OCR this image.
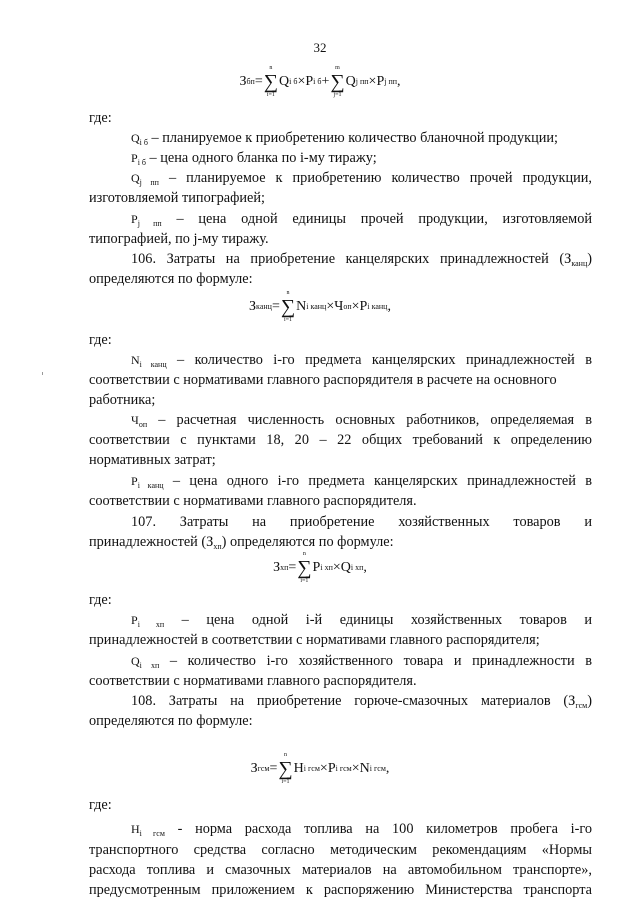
32
З бп =
n
∑
i=1
Q i б × P i б +
m
∑
j=1
Q j пп × P j пп ,
где:
$Q_{i б}$ – планируемое к приобретению количество бланочной продукции;
$P_{i б}$ – цена одного бланка по i-му тиражу;
$Q_{j пп}$ – планируемое к приобретению количество прочей продукции,
изготовляемой типографией;
$P_{j пп}$ – цена одной единицы прочей продукции, изготовляемой
типографией, по j-му тиражу.
106. Затраты на приобретение канцелярских принадлежностей $(З_{канц})$
определяются по формуле:
З канц =
n
∑
i=1
N i канц × Ч оп × P i канц ,
где:
$N_{i канц}$ – количество i-го предмета канцелярских принадлежностей в
соответствии с нормативами главного распорядителя в расчете на основного
работника;
$Ч_{оп}$ – расчетная численность основных работников, определяемая в
соответствии с пунктами 18, 20 – 22 общих требований к определению
нормативных затрат;
$P_{i канц}$ – цена одного i-го предмета канцелярских принадлежностей в
соответствии с нормативами главного распорядителя.
107. Затраты на приобретение хозяйственных товаров и
принадлежностей $(З_{хп})$ определяются по формуле:
З хп =
n
∑
i=1
P i хп × Q i хп ,
где:
$P_{i хп}$ – цена одной i-й единицы хозяйственных товаров и
принадлежностей в соответствии с нормативами главного распорядителя;
$Q_{i хп}$ – количество i-го хозяйственного товара и принадлежности в
соответствии с нормативами главного распорядителя.
108. Затраты на приобретение горюче-смазочных материалов $(З_{гсм})$
определяются по формуле:
З гсм =
n
∑
i=1
H i гсм × P i гсм × N i гсм ,
где:
$H_{i гсм}$ - норма расхода топлива на 100 километров пробега i-го
транспортного средства согласно методическим рекомендациям «Нормы
расхода топлива и смазочных материалов на автомобильном транспорте»,
предусмотренным приложением к распоряжению Министерства транспорта
